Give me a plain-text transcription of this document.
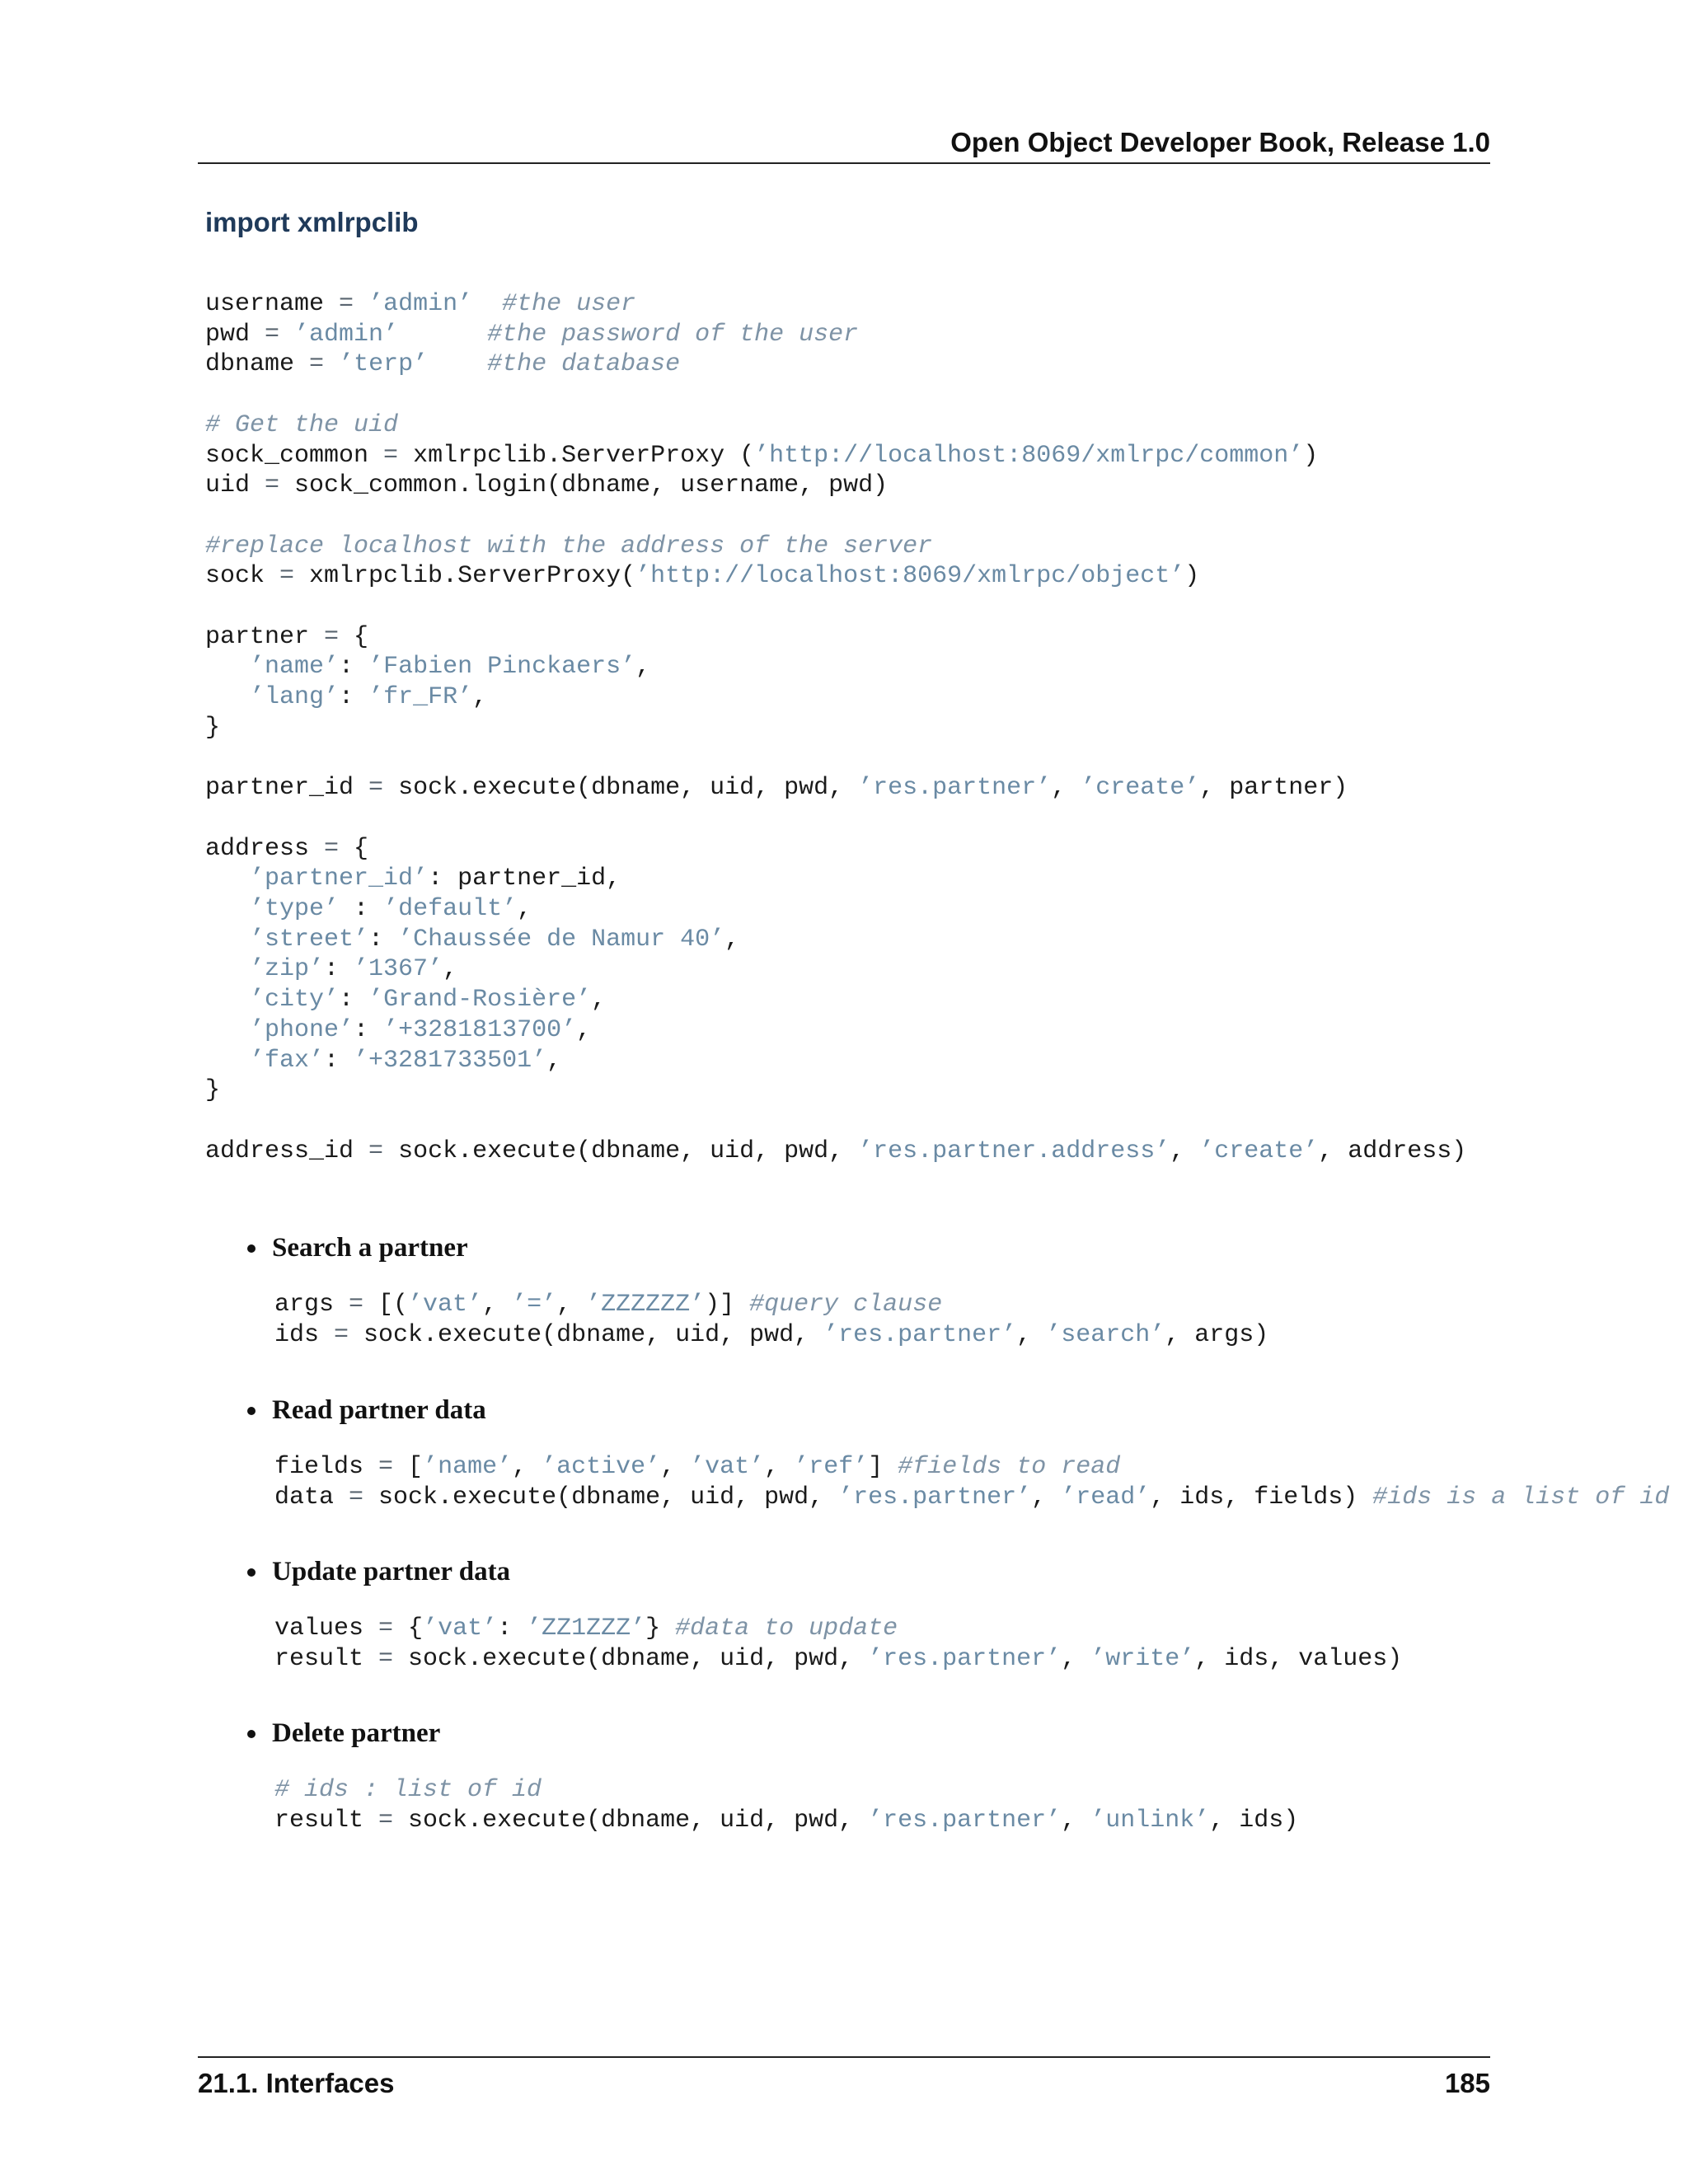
Open Object Developer Book, Release 1.0
import xmlrpclib
username = ’admin’ #the user
pwd = ’admin’	#the password of the user
dbname = ’terp’ #the database

# Get the uid
sock_common = xmlrpclib.ServerProxy (’http://localhost:8069/xmlrpc/common’)
uid = sock_common.login(dbname, username, pwd)

#replace localhost with the address of the server
sock = xmlrpclib.ServerProxy(’http://localhost:8069/xmlrpc/object’)

partner = {
’name’: ’Fabien Pinckaers’,
’lang’: ’fr_FR’,
}

partner_id = sock.execute(dbname, uid, pwd, ’res.partner’, ’create’, partner)

address = {
’partner_id’: partner_id,
’type’ : ’default’,
’street’: ’Chaussée de Namur 40’,
’zip’: ’1367’,
’city’: ’Grand-Rosière’,
’phone’: ’+3281813700’,
’fax’: ’+3281733501’,
}

address_id = sock.execute(dbname, uid, pwd, ’res.partner.address’, ’create’, address)
Search a partner
args = [(’vat’, ’=’, ’ZZZZZZ’)] #query clause
ids = sock.execute(dbname, uid, pwd, ’res.partner’, ’search’, args)
Read partner data
fields = [’name’, ’active’, ’vat’, ’ref’] #fields to read
data = sock.execute(dbname, uid, pwd, ’res.partner’, ’read’, ids, fields) #ids is a list of id
Update partner data
values = {’vat’: ’ZZ1ZZZ’} #data to update
result = sock.execute(dbname, uid, pwd, ’res.partner’, ’write’, ids, values)
Delete partner
# ids : list of id
result = sock.execute(dbname, uid, pwd, ’res.partner’, ’unlink’, ids)
21.1. Interfaces	185
